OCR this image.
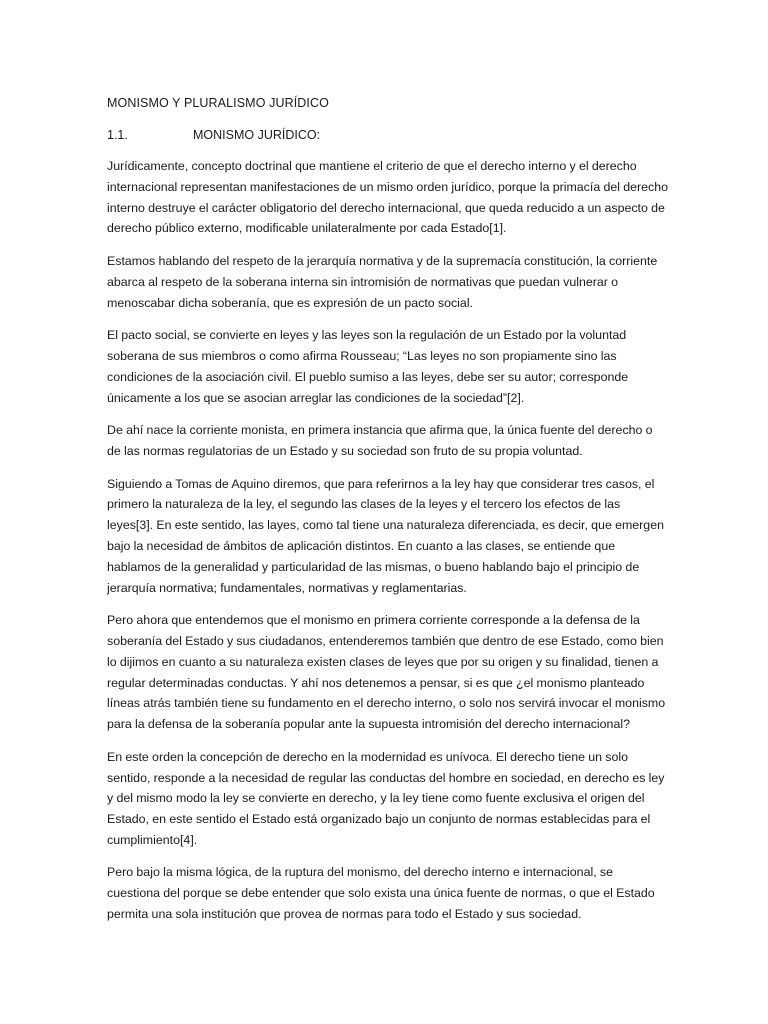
MONISMO Y PLURALISMO JURÍDICO
1.1.	MONISMO JURÍDICO:

Jurídicamente, concepto doctrinal que mantiene el criterio de que el derecho interno y el derecho internacional representan manifestaciones de un mismo orden jurídico, porque la primacía del derecho interno destruye el carácter obligatorio del derecho internacional, que queda reducido a un aspecto de derecho público externo, modificable unilateralmente por cada Estado[1].

Estamos hablando del respeto de la jerarquía normativa y de la supremacía constitución, la corriente abarca al respeto de la soberana interna sin intromisión de normativas que puedan vulnerar o menoscabar dicha soberanía, que es expresión de un pacto social.

El pacto social, se convierte en leyes y las leyes son la regulación de un Estado por la voluntad soberana de sus miembros o como afirma Rousseau; “Las leyes no son propiamente sino las condiciones de la asociación civil. El pueblo sumiso a las leyes, debe ser su autor; corresponde únicamente a los que se asocian arreglar las condiciones de la sociedad”[2].

De ahí nace la corriente monista, en primera instancia que afirma que, la única fuente del derecho o de las normas regulatorias de un Estado y su sociedad son fruto de su propia voluntad.

Siguiendo a Tomas de Aquino diremos, que para referirnos a la ley hay que considerar tres casos, el primero la naturaleza de la ley, el segundo las clases de la leyes y el tercero los efectos de las leyes[3]. En este sentido, las layes, como tal tiene una naturaleza diferenciada, es decir, que emergen bajo la necesidad de ámbitos de aplicación distintos. En cuanto a las clases, se entiende que hablamos de la generalidad y particularidad de las mismas, o bueno hablando bajo el principio de jerarquía normativa; fundamentales, normativas y reglamentarias.

Pero ahora que entendemos que el monismo en primera corriente corresponde a la defensa de la soberanía del Estado y sus ciudadanos, entenderemos también que dentro de ese Estado, como bien lo dijimos en cuanto a su naturaleza existen clases de leyes que por su origen y su finalidad, tienen a regular determinadas conductas. Y ahí nos detenemos a pensar, si es que ¿el monismo planteado líneas atrás también tiene su fundamento en el derecho interno, o solo nos servirá invocar el monismo para la defensa de la soberanía popular ante la supuesta intromisión del derecho internacional?

En este orden la concepción de derecho en la modernidad es unívoca. El derecho tiene un solo sentido, responde a la necesidad de regular las conductas del hombre en sociedad, en derecho es ley y del mismo modo la ley se convierte en derecho, y la ley tiene como fuente exclusiva el origen del Estado, en este sentido el Estado está organizado bajo un conjunto de normas establecidas para el cumplimiento[4].

Pero bajo la misma lógica, de la ruptura del monismo, del derecho interno e internacional, se cuestiona del porque se debe entender que solo exista una única fuente de normas, o que el Estado permita una sola institución que provea de normas para todo el Estado y sus sociedad.
